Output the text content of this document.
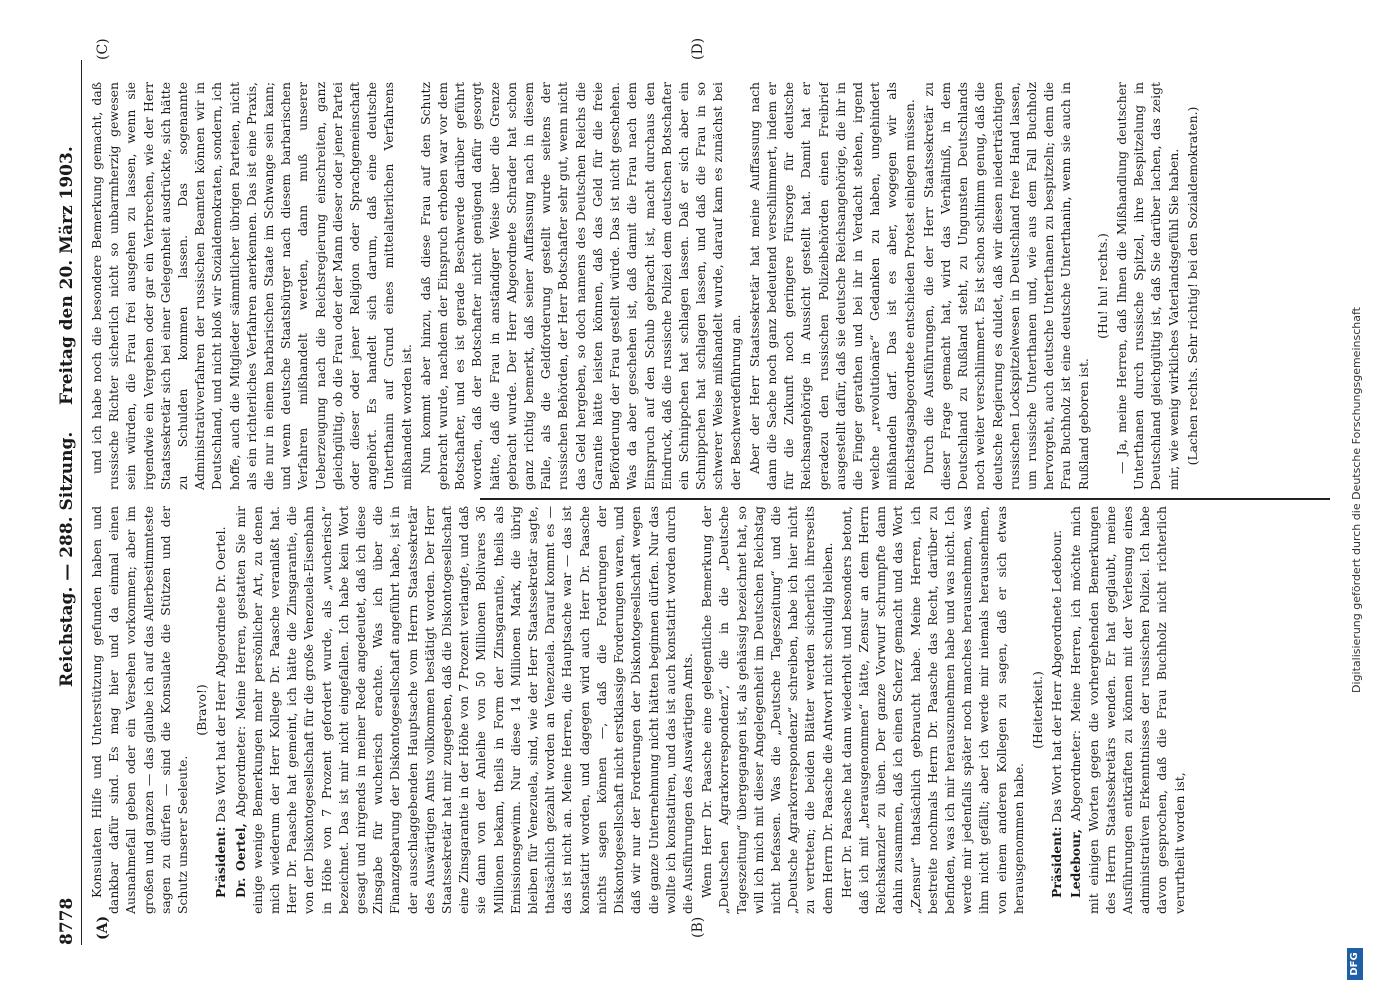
8778
Reichstag. — 288. Sitzung.
Freitag den 20. März 1903.
(A)	(B)
(C)	(D)

Konsulaten Hilfe und Unterstützung gefunden haben und dankbar dafür sind. Es mag hier und da einmal einen Ausnahmefall geben oder ein Versehen vorkommen; aber im großen und ganzen — das glaube ich auf das Allerbestimmteste sagen zu dürfen — sind die Konsulate die Stützen und der Schutz unserer Seeleute.

(Bravo!)

Präsident: Das Wort hat der Herr Abgeordnete Dr. Oertel.

Dr. Oertel, Abgeordneter: Meine Herren, gestatten Sie mir einige wenige Bemerkungen mehr persönlicher Art, zu denen mich wiederum der Herr Kollege Dr. Paasche veranlaßt hat. Herr Dr. Paasche hat gemeint, ich hätte die Zinsgarantie, die von der Diskontogesellschaft für die große Venezuela-Eisenbahn in Höhe von 7 Prozent gefordert wurde, als „wucherisch“ bezeichnet. Das ist mir nicht eingefallen. Ich habe kein Wort gesagt und nirgends in meiner Rede angedeutet, daß ich diese Zinsgabe für wucherisch erachte. Was ich über die Finanzgebarung der Diskontogesellschaft angeführt habe, ist in der ausschlaggebenden Hauptsache vom Herrn Staatssekretär des Auswärtigen Amts vollkommen bestätigt worden. Der Herr Staatssekretär hat mir zugegeben, daß die Diskontogesellschaft eine Zinsgarantie in der Höhe von 7 Prozent verlangte, und daß sie dann von der Anleihe von 50 Millionen Bolivares 36 Millionen bekam, theils in Form der Zinsgarantie, theils als Emissionsgewinn. Nur diese 14 Millionen Mark, die übrig bleiben für Venezuela, sind, wie der Herr Staatssekretär sagte, thatsächlich gezahlt worden an Venezuela. Darauf kommt es — das ist nicht an. Meine Herren, die Hauptsache war — das ist konstatirt worden, und dagegen wird auch Herr Dr. Paasche nichts sagen können —, daß die Forderungen der Diskontogesellschaft nicht erstklassige Forderungen waren, und daß wir nur der Forderungen der Diskontogesellschaft wegen die ganze Unternehmung nicht hätten beginnen dürfen. Nur das wollte ich konstatiren, und das ist auch konstatirt worden durch die Ausführungen des Auswärtigen Amts. Wenn Herr Dr. Paasche eine gelegentliche Bemerkung der „Deutschen Agrarkorrespondenz“, die in die „Deutsche Tageszeitung“ übergegangen ist, als gehässig bezeichnet hat, so will ich mich mit dieser Angelegenheit im Deutschen Reichstag nicht befassen. Was die „Deutsche Tageszeitung“ und die „Deutsche Agrarkorrespondenz“ schreiben, habe ich hier nicht zu vertreten; die beiden Blätter werden sicherlich ihrerseits dem Herrn Dr. Paasche die Antwort nicht schuldig bleiben. Herr Dr. Paasche hat dann wiederholt und besonders betont, daß ich mit „herausgenommen“ hätte, Zensur an dem Herrn Reichskanzler zu üben. Der ganze Vorwurf schrumpfte dann dahin zusammen, daß ich einen Scherz gemacht und das Wort „Zensur“ thatsächlich gebraucht habe. Meine Herren, ich bestreite nochmals Herrn Dr. Paasche das Recht, darüber zu befinden, was ich mir herauszunehmen habe und was nicht. Ich werde mir jedenfalls später noch manches herausnehmen, was ihm nicht gefällt; aber ich werde mir niemals herausnehmen, von einem anderen Kollegen zu sagen, daß er sich etwas herausgenommen habe.

(Heiterkeit.)

Präsident: Das Wort hat der Herr Abgeordnete Ledebour.

Ledebour, Abgeordneter: Meine Herren, ich möchte mich mit einigen Worten gegen die vorhergehenden Bemerkungen des Herrn Staatssekretärs wenden. Er hat geglaubt, meine Ausführungen entkräften zu können mit der Verlesung eines administrativen Erkenntnisses der russischen Polizei. Ich habe davon gesprochen, daß die Frau Buchholz nicht richterlich verurtheilt worden ist,

und ich habe noch die besondere Bemerkung gemacht, daß russische Richter sicherlich nicht so unbarmherzig gewesen sein würden, die Frau frei ausgehen zu lassen, wenn sie irgendwie ein Vergehen oder gar ein Verbrechen, wie der Herr Staatssekretär sich bei einer Gelegenheit ausdrückte, sich hätte zu Schulden kommen lassen. Das sogenannte Administrativverfahren der russischen Beamten können wir in Deutschland, und nicht bloß wir Sozialdemokraten, sondern, ich hoffe, auch die Mitglieder sämmtlicher übrigen Parteien, nicht als ein richterliches Verfahren anerkennen. Das ist eine Praxis, die nur in einem barbarischen Staate im Schwange sein kann; und wenn deutsche Staatsbürger nach diesem barbarischen Verfahren mißhandelt werden, dann muß unserer Ueberzeugung nach die Reichsregierung einschreiten, ganz gleichgültig, ob die Frau oder der Mann dieser oder jener Partei oder dieser oder jener Religion oder Sprachgemeinschaft angehört. Es handelt sich darum, daß eine deutsche Unterthanin auf Grund eines mittelalterlichen Verfahrens mißhandelt worden ist. Nun kommt aber hinzu, daß diese Frau auf den Schutz gebracht wurde, nachdem der Einspruch erhoben war vor dem Botschafter, und es ist gerade Beschwerde darüber geführt worden, daß der Botschafter nicht genügend dafür gesorgt hätte, daß die Frau in anständiger Weise über die Grenze gebracht wurde. Der Herr Abgeordnete Schrader hat schon ganz richtig bemerkt, daß seiner Auffassung nach in diesem Falle, als die Geldforderung gestellt wurde seitens der russischen Behörden, der Herr Botschafter sehr gut, wenn nicht das Geld hergeben, so doch namens des Deutschen Reichs die Garantie hätte leisten können, daß das Geld für die freie Beförderung der Frau gestellt würde. Das ist nicht geschehen. Was da aber geschehen ist, daß damit die Frau nach dem Einspruch auf den Schub gebracht ist, macht durchaus den Eindruck, daß die russische Polizei dem deutschen Botschafter ein Schnippchen hat schlagen lassen. Daß er sich aber ein Schnippchen hat schlagen lassen, und daß die Frau in so schwerer Weise mißhandelt wurde, darauf kam es zunächst bei der Beschwerdeführung an. Aber der Herr Staatssekretär hat meine Auffassung nach dann die Sache noch ganz bedeutend verschlimmert, indem er für die Zukunft noch geringere Fürsorge für deutsche Reichsangehörige in Aussicht gestellt hat. Damit hat er geradezu den russischen Polizeibehörden einen Freibrief ausgestellt dafür, daß sie deutsche Reichsangehörige, die ihr in die Finger gerathen und bei ihr in Verdacht stehen, irgend welche „revolutionäre“ Gedanken zu haben, ungehindert mißhandeln darf. Das ist es aber, wogegen wir als Reichstagsabgeordnete entschieden Protest einlegen müssen. Durch die Ausführungen, die der Herr Staatssekretär zu dieser Frage gemacht hat, wird das Verhältniß, in dem Deutschland zu Rußland steht, zu Ungunsten Deutschlands noch weiter verschlimmert. Es ist schon schlimm genug, daß die deutsche Regierung es duldet, daß wir diesen niederträchtigen russischen Lockspitzelwesen in Deutschland freie Hand lassen, um russische Unterthanen und, wie aus dem Fall Buchholz hervorgeht, auch deutsche Unterthanen zu bespitzeln; denn die Frau Buchholz ist eine deutsche Unterthanin, wenn sie auch in Rußland geboren ist.

(Hu! hu! rechts.) — Ja, meine Herren, daß Ihnen die Mißhandlung deutscher Unterthanen durch russische Spitzel, ihre Bespitzelung in Deutschland gleichgültig ist, daß Sie darüber lachen, das zeigt mir, wie wenig wirkliches Vaterlandsgefühl Sie haben. (Lachen rechts. Sehr richtig! bei den Sozialdemokraten.)

DFG
Digitalisierung gefördert durch die Deutsche Forschungsgemeinschaft
